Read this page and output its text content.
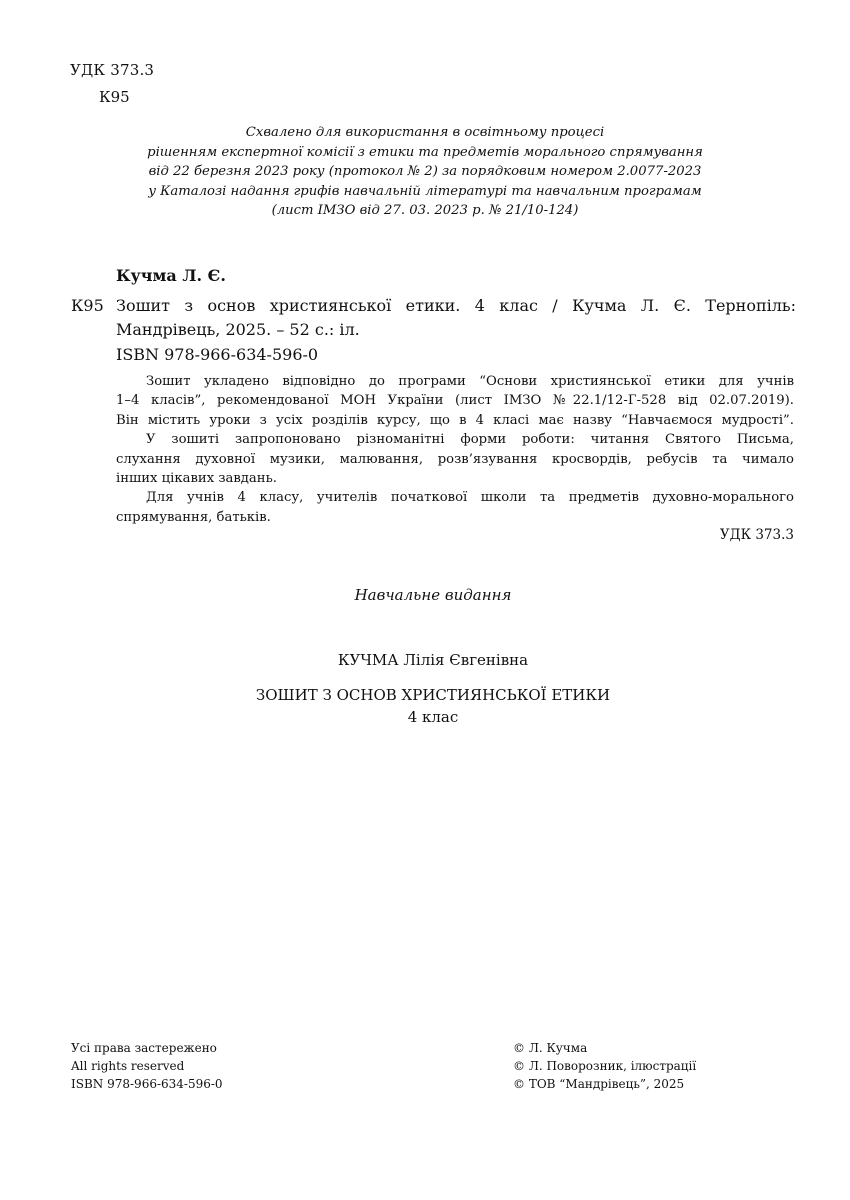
УДК 373.3
К95
Схвалено для використання в освітньому процесі
рішенням експертної комісії з етики та предметів морального спрямування
від 22 березня 2023 року (протокол № 2) за порядковим номером 2.0077-2023
у Каталозі надання грифів навчальній літературі та навчальним програмам
(лист ІМЗО від 27. 03. 2023 р. № 21/10-124)
Кучма Л. Є.
К95 Зошит з основ християнської етики. 4 клас / Кучма Л. Є. Тернопіль:
Мандрівець, 2025. – 52 с.: іл.
ISBN 978-966-634-596-0
Зошит укладено відповідно до програми “Основи християнської етики для учнів
1–4 класів”, рекомендованої МОН України (лист ІМЗО №22.1/12-Г-528 від 02.07.2019).
Він містить уроки з усіх розділів курсу, що в 4 класі має назву “Навчаємося мудрості”.
У зошиті запропоновано різноманітні форми роботи: читання Святого Письма,
слухання духовної музики, малювання, розв’язування кросвордів, ребусів та чимало
інших цікавих завдань.
Для учнів 4 класу, учителів початкової школи та предметів духовно-морального
спрямування, батьків.
УДК 373.3
Навчальне видання
КУЧМА Лілія Євгенівна
ЗОШИТ З ОСНОВ ХРИСТИЯНСЬКОЇ ЕТИКИ
4 клас
Усі права застережено
All rights reserved
ISBN 978-966-634-596-0
© Л. Кучма
© Л. Поворозник, ілюстрації
© ТОВ “Мандрівець”, 2025
